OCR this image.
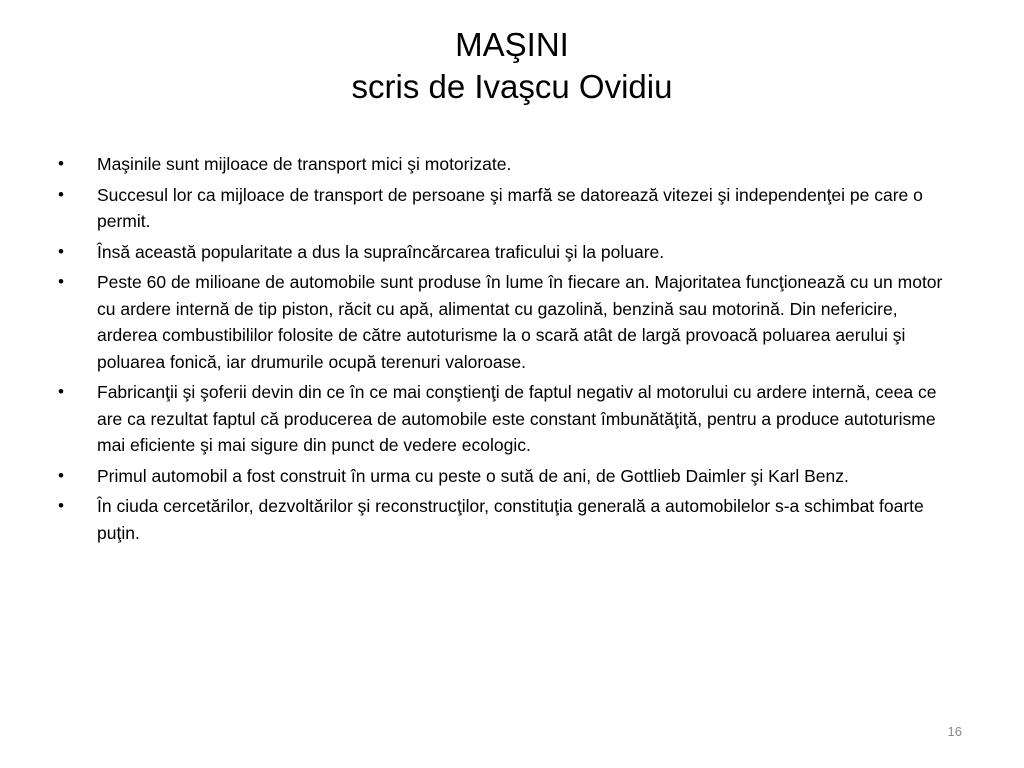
MAŞINI
scris de Ivaşcu Ovidiu
• Maşinile sunt mijloace de transport mici şi motorizate.
• Succesul lor ca mijloace de transport de persoane şi marfă se datorează vitezei şi independenţei pe care o permit.
• Însă această popularitate a dus la supraîncărcarea traficului şi la poluare.
• Peste 60 de milioane de automobile sunt produse în lume în fiecare an. Majoritatea funcţionează cu un motor cu ardere internă de tip piston, răcit cu apă, alimentat cu gazolină, benzină sau motorină. Din nefericire, arderea combustibililor folosite de către autoturisme la o scară atât de largă provoacă poluarea aerului şi poluarea fonică, iar drumurile ocupă terenuri valoroase.
• Fabricanţii şi şoferii devin din ce în ce mai conştienţi de faptul negativ al motorului cu ardere internă, ceea ce are ca rezultat faptul că producerea de automobile este constant îmbunătăţită, pentru a produce autoturisme mai eficiente şi mai sigure din punct de vedere ecologic.
• Primul automobil a fost construit în urma cu peste o sută de ani, de Gottlieb Daimler şi Karl Benz.
• În ciuda cercetărilor, dezvoltărilor şi reconstrucţilor, constituţia generală a automobilelor s-a schimbat foarte puţin.
16
